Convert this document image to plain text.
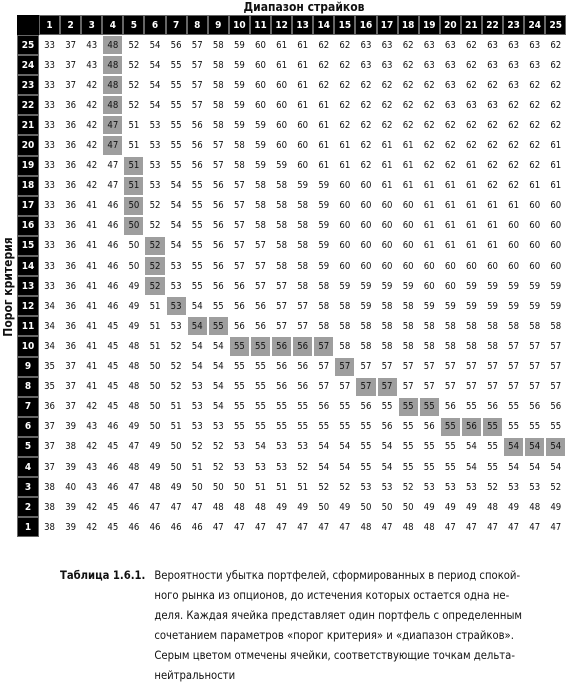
Диапазон страйков
Порог критерия
1	2	3	4	5	6	7	8	9	10 11 12 13 14 15 16 17 18 19 20 21 22 23 24 25
25	33	37	43	48	52	54	56	57	58	59	60	61	61	62	62	63	63	62	63	63	62	63	63	63	62
24	33	37	43	48	52	54	55	57	58	59	60	61	61	62	62	63	63	62	63	63	62	63	63	63	62
23	33	37	42	48	52	54	55	57	58	59	60	60	61	62	62	62	62	62	62	63	62	62	63	62	62
22	33	36	42	48	52	54	55	57	58	59	60	60	61	61	62	62	62	62	62	63	63	63	62	62	62
21	33	36	42	47	51	53	55	56	58	59	59	60	60	61	62	62	62	62	62	62	62	62	62	62	62
20	33	36	42	47	51	53	55	56	57	58	59	60	60	61	61	62	61	61	62	62	62	62	62	62	61
19	33	36	42	47	51	53	55	56	57	58	59	59	60	61	61	62	61	61	62	62	61	62	62	62	61
18	33	36	42	47	51	53	54	55	56	57	58	58	59	59	60	60	61	61	61	61	61	62	62	61	61
17	33	36	41	46	50	52	54	55	56	57	58	58	58	59	60	60	60	60	61	61	61	61	61	60	60
16	33	36	41	46	50	52	54	55	56	57	58	58	58	59	60	60	60	60	61	61	61	61	60	60	60
15	33	36	41	46	50	52	54	55	56	57	57	58	58	59	60	60	60	60	61	61	61	61	60	60	60
14	33	36	41	46	50	52	53	55	56	57	57	58	58	59	60	60	60	60	60	60	60	60	60	60	60
13	33	36	41	46	49	52	53	55	56	56	57	57	58	58	59	59	59	59	60	60	59	59	59	59	59
12	34	36	41	46	49	51	53	54	55	56	56	57	57	58	58	59	58	58	59	59	59	59	59	59	59
11	34	36	41	45	49	51	53	54	55	56	56	57	57	58	58	58	58	58	58	58	58	58	58	58	58
10	34	36	41	45	48	51	52	54	54	55	55	56	56	57	58	58	58	58	58	58	58	58	57	57	57
9	35	37	41	45	48	50	52	54	54	55	55	56	56	57	57	57	57	57	57	57	57	57	57	57	57
8	35	37	41	45	48	50	52	53	54	55	55	56	56	57	57	57	57	57	57	57	57	57	57	57	57
7	36	37	42	45	48	50	51	53	54	55	55	55	55	56	55	56	55	55	55	56	55	56	55	56	56
6	37	39	43	46	49	50	51	53	53	55	55	55	55	55	55	55	56	55	56	55	56	55	55	55	55
5	37	38	42	45	47	49	50	52	52	53	54	53	53	54	54	55	54	55	55	55	54	55	54	54	54
4	37	39	43	46	48	49	50	51	52	53	53	53	52	54	54	55	54	55	55	55	54	55	54	54	54
3	38	40	43	46	47	48	49	50	50	50	51	51	51	52	52	53	53	52	53	53	53	52	53	53	52
2	38	39	42	45	46	47	47	47	48	48	48	49	49	50	49	50	50	50	49	49	49	48	49	48	49
1	38	39	42	45	46	46	46	46	47	47	47	47	47	47	47	48	47	48	48	47	47	47	47	47	47
Таблица 1.6.1. Вероятности убытка портфелей, сформированных в период спокой-
ного рынка из опционов, до истечения которых остается одна не-
деля. Каждая ячейка представляет один портфель с определенным
сочетанием параметров «порог критерия» и «диапазон страйков».
Серым цветом отмечены ячейки, соответствующие точкам дельта-
нейтральности
